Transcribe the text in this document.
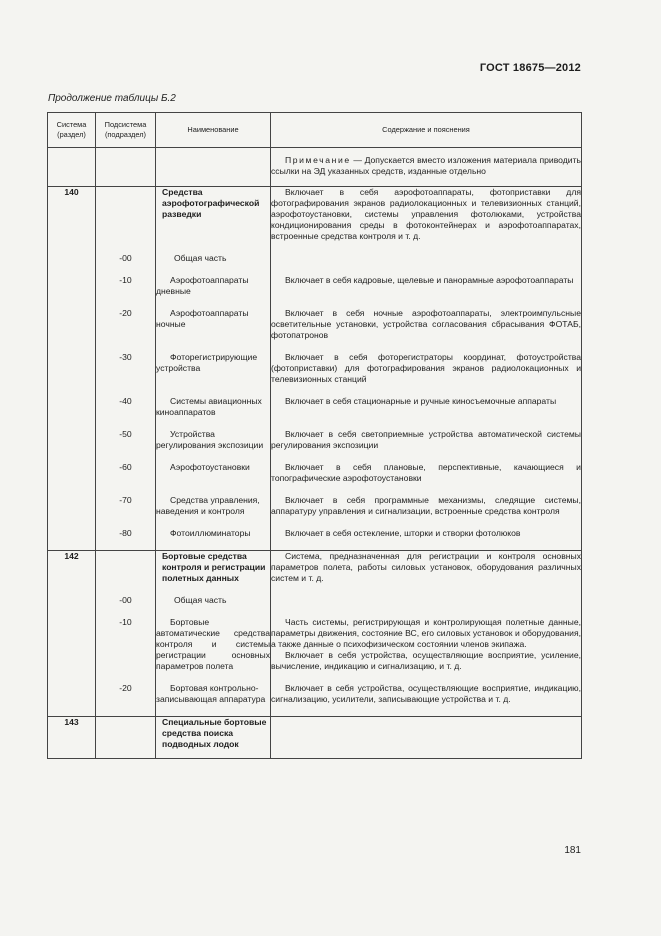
ГОСТ 18675—2012
Продолжение таблицы Б.2
Система (раздел)	Подсистема (подраздел)	Наименование	Содержание и пояснения

			Примечание — Допускается вместо изложения материала приводить ссылки на ЭД указанных средств, изданные отдельно

140		Средства аэрофотографической разведки	Включает в себя аэрофотоаппараты, фотоприставки для фотографирования экранов радиолокационных и телевизионных станций, аэрофотоустановки, системы управления фотолюками, устройства кондиционирования среды в фотоконтейнерах и аэрофотоаппаратах, встроенные средства контроля и т. д.

	-00	Общая часть	

	-10	Аэрофотоаппараты дневные	Включает в себя кадровые, щелевые и панорамные аэрофотоаппараты

	-20	Аэрофотоаппараты ночные	Включает в себя ночные аэрофотоаппараты, электроимпульсные осветительные установки, устройства согласования сбрасывания ФОТАБ, фотопатронов

	-30	Фоторегистрирующие устройства	Включает в себя фоторегистраторы координат, фотоустройства (фотоприставки) для фотографирования экранов радиолокационных и телевизионных станций

	-40	Системы авиационных киноаппаратов	Включает в себя стационарные и ручные киносъемочные аппараты

	-50	Устройства регулирования экспозиции	Включает в себя светоприемные устройства автоматической системы регулирования экспозиции

	-60	Аэрофотоустановки	Включает в себя плановые, перспективные, качающиеся и топографические аэрофотоустановки

	-70	Средства управления, наведения и контроля	Включает в себя программные механизмы, следящие системы, аппаратуру управления и сигнализации, встроенные средства контроля

	-80	Фотоиллюминаторы	Включает в себя остекление, шторки и створки фотолюков

142		Бортовые средства контроля и регистрации полетных данных	Система, предназначенная для регистрации и контроля основных параметров полета, работы силовых установок, оборудования различных систем и т. д.

	-00	Общая часть	

	-10	Бортовые автоматические средства контроля и системы регистрации основных параметров полета	Часть системы, регистрирующая и контролирующая полетные данные, параметры движения, состояние ВС, его силовых установок и оборудования, а также данные о психофизическом состоянии членов экипажа.
Включает в себя устройства, осуществляющие восприятие, усиление, вычисление, индикацию и сигнализацию, и т. д.

	-20	Бортовая контрольно-записывающая аппаратура	Включает в себя устройства, осуществляющие восприятие, индикацию, сигнализацию, усилители, записывающие устройства и т. д.

143		Специальные бортовые средства поиска подводных лодок	
181
